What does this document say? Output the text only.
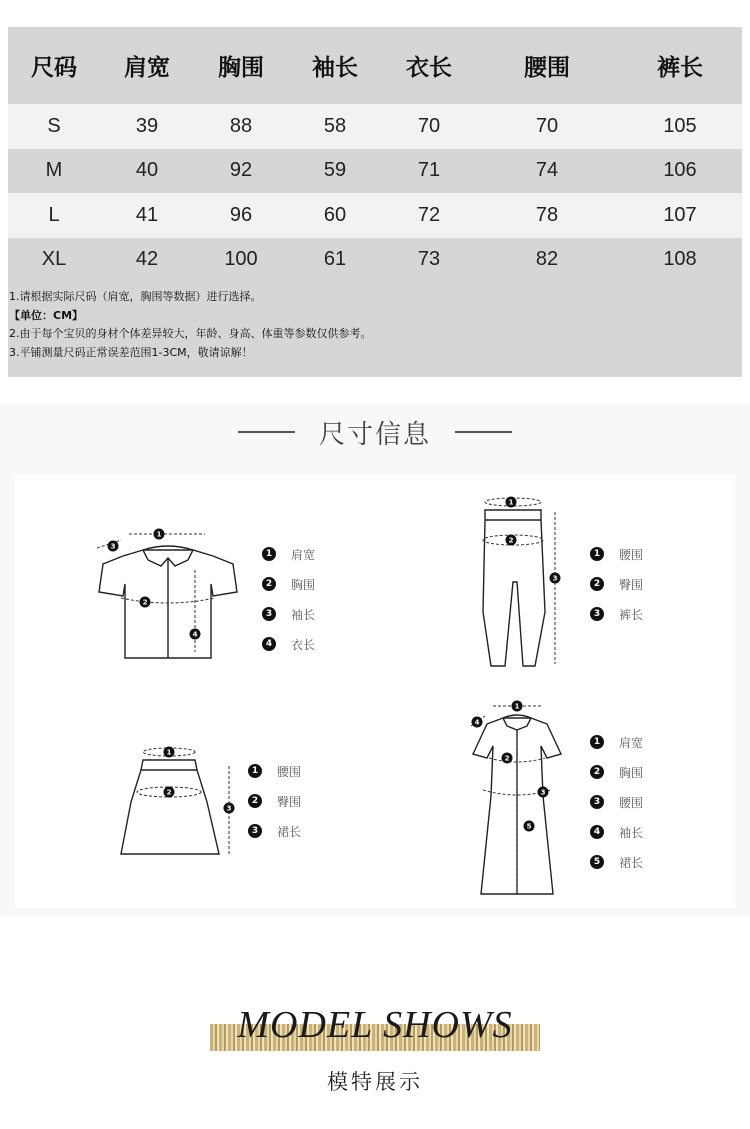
尺码	肩宽	胸围	袖长	衣长	腰围	裤长
S	39	88	58	70	70	105
M	40	92	59	71	74	106
L	41	96	60	72	78	107
XL	42	100	61	73	82	108

1.请根据实际尺码（肩宽，胸围等数据）进行选择。

【单位：CM】

2.由于每个宝贝的身材个体差异较大，年龄、身高、体重等参数仅供参考。

3.平铺测量尺码正常误差范围1-3CM，敬请谅解！

尺寸信息
1
2
3
4
1	肩宽
2	胸围
3	袖长
4	衣长
1
2
3
1	腰围
2	臀围
3	裤长
1
2
3
1	腰围
2	臀围
3	裙长
1
2
3
4
5
1	肩宽
2	胸围
3	腰围
4	袖长
5	裙长
MODEL SHOWS
模特展示
